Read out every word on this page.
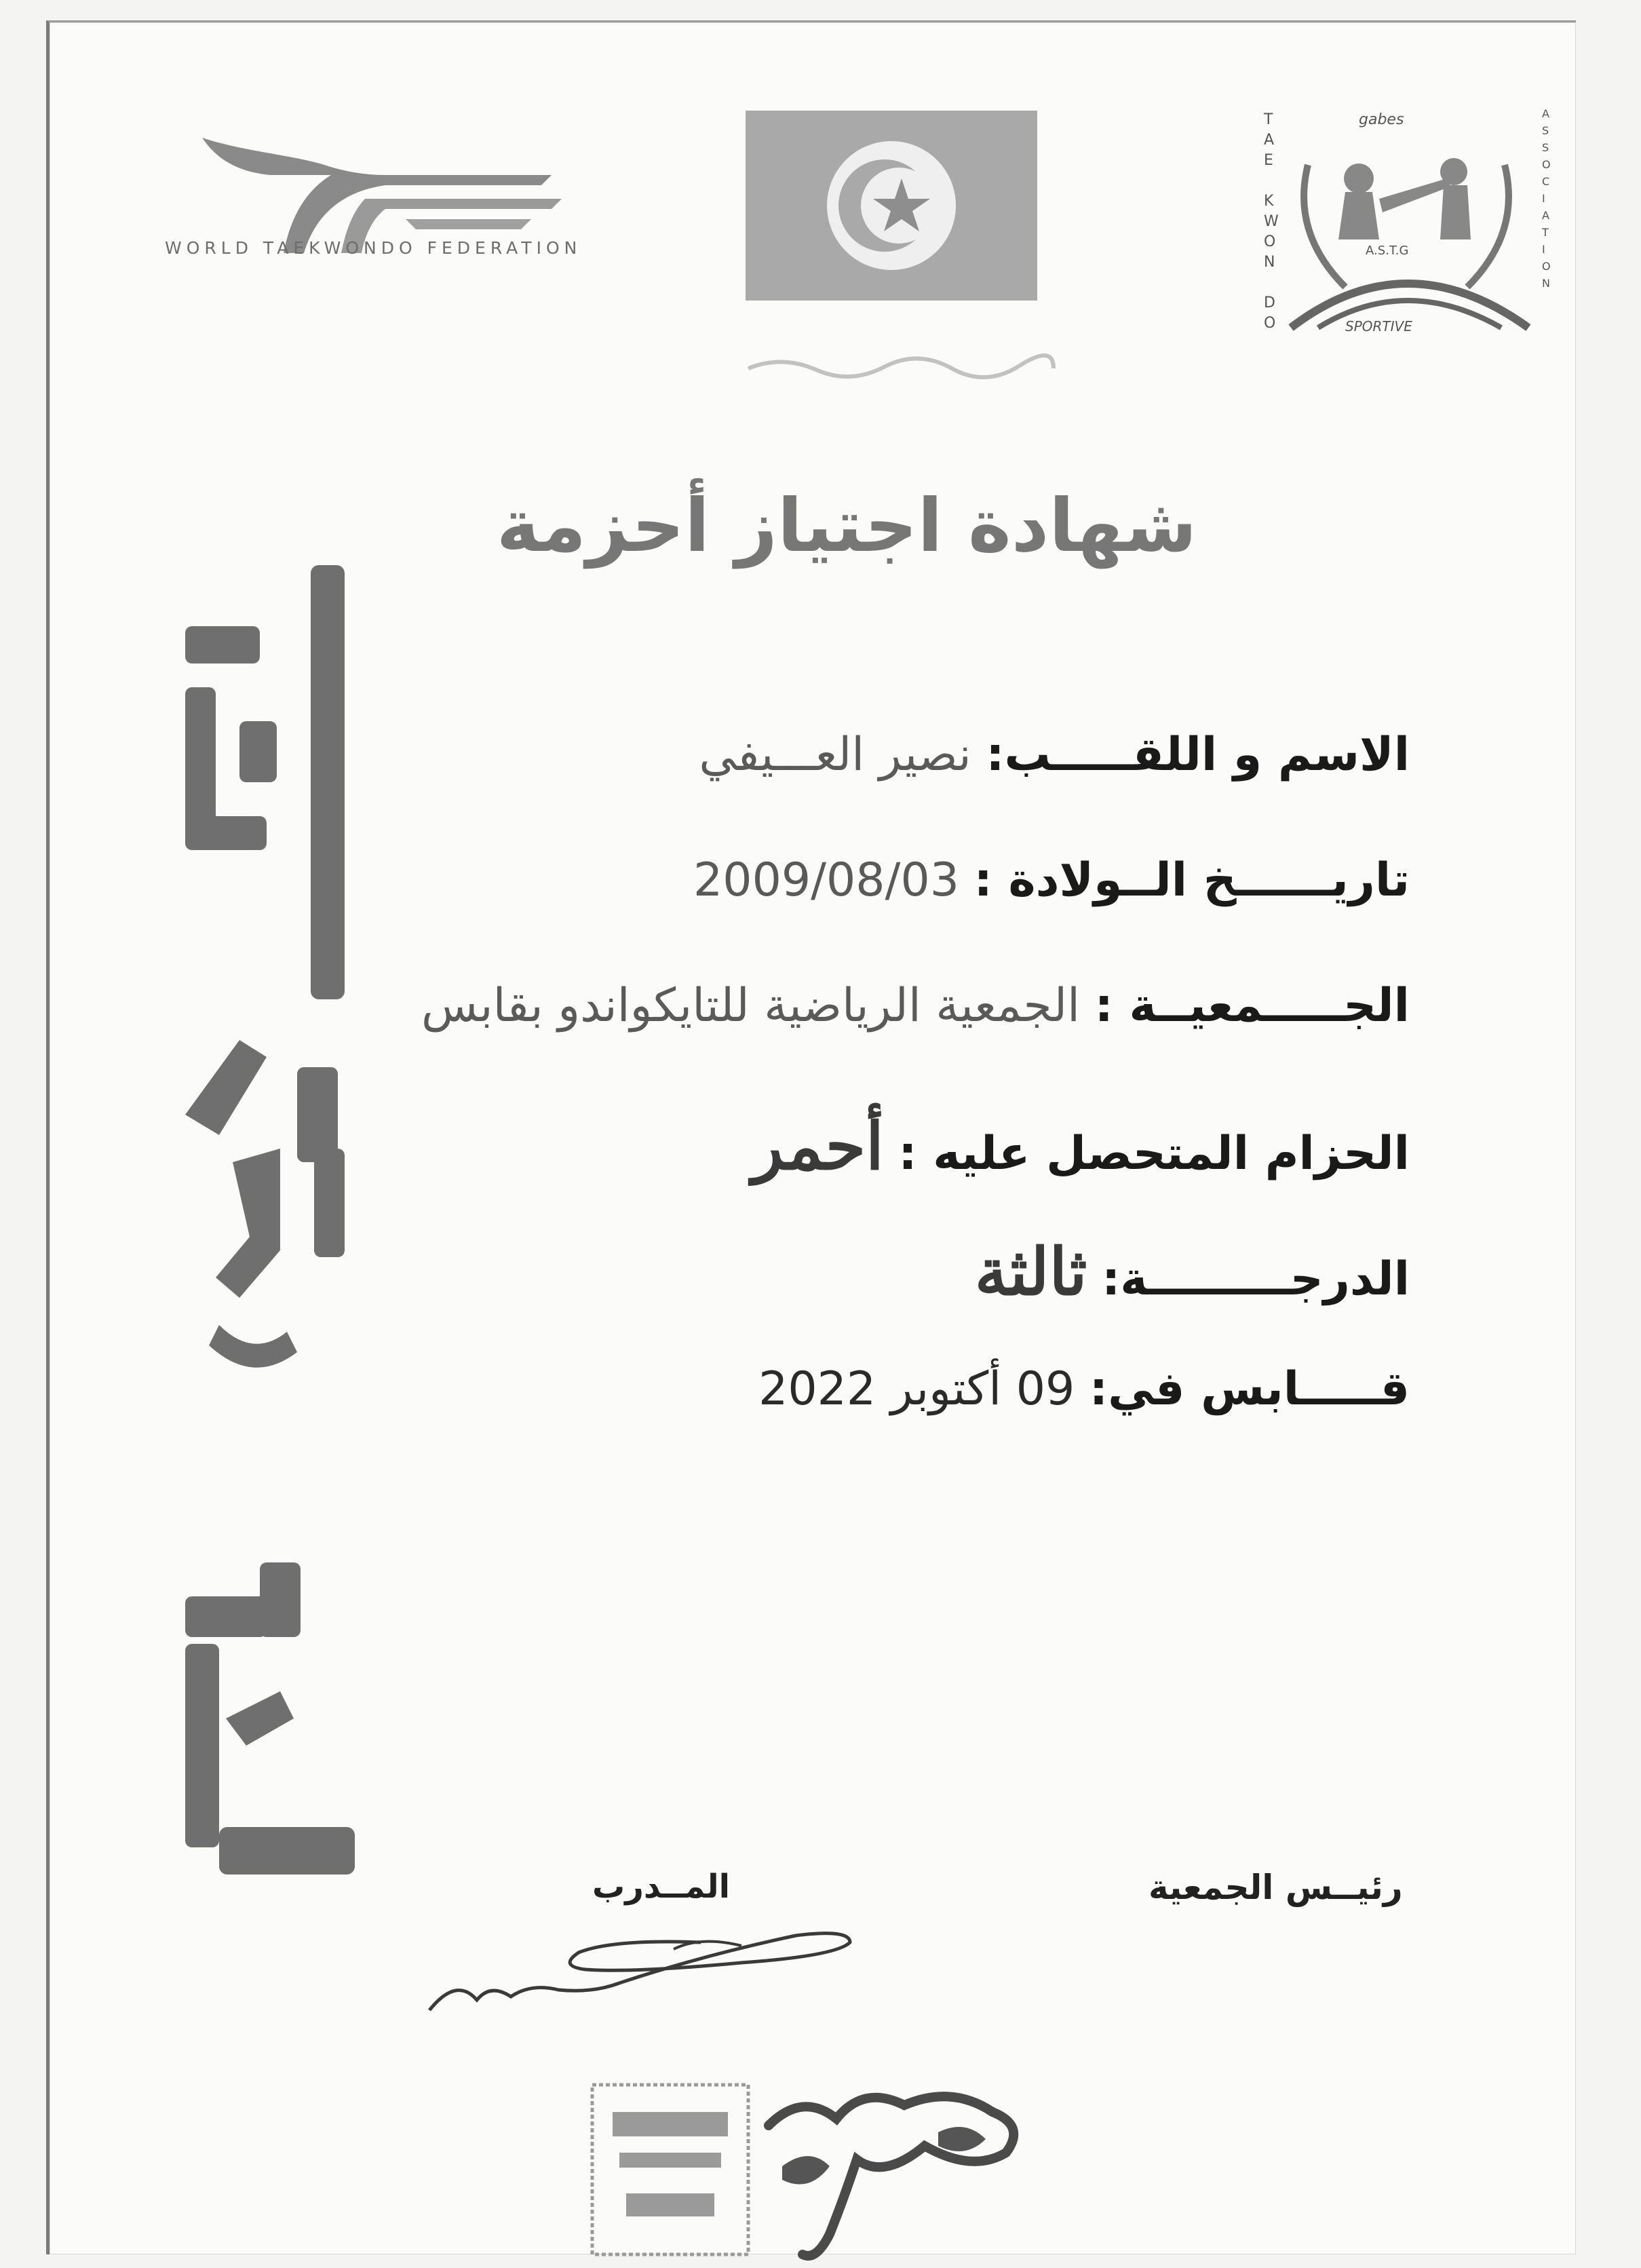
WORLD TAEKWONDO FEDERATION
T
A
E
K
W
O
N
D
O
A
S
S
O
C
I
A
T
I
O
N
gabes
A.S.T.G
SPORTIVE
شهادة اجتياز أحزمة
الاسم و اللقـــــب: نصير العـــيفي
تاريــــــخ الــولادة : 2009/08/03
الجـــــمعيــة : الجمعية الرياضية للتايكواندو بقابس
الحزام المتحصل عليه : أحمر
الدرجـــــــــة: ثالثة
قـــــابس في: 09 أكتوبر 2022
المــدرب	رئيــس الجمعية
